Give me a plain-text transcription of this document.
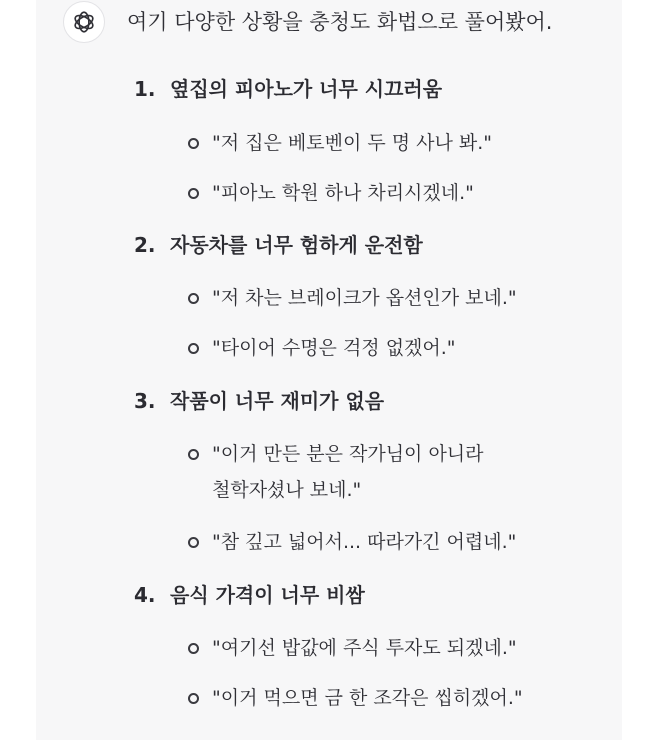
여기 다양한 상황을 충청도 화법으로 풀어봤어.
1. 옆집의 피아노가 너무 시끄러움
"저 집은 베토벤이 두 명 사나 봐."
"피아노 학원 하나 차리시겠네."
2. 자동차를 너무 험하게 운전함
"저 차는 브레이크가 옵션인가 보네."
"타이어 수명은 걱정 없겠어."
3. 작품이 너무 재미가 없음
"이거 만든 분은 작가님이 아니라
철학자셨나 보네."
"참 깊고 넓어서... 따라가긴 어렵네."
4. 음식 가격이 너무 비쌈
"여기선 밥값에 주식 투자도 되겠네."
"이거 먹으면 금 한 조각은 씹히겠어."
